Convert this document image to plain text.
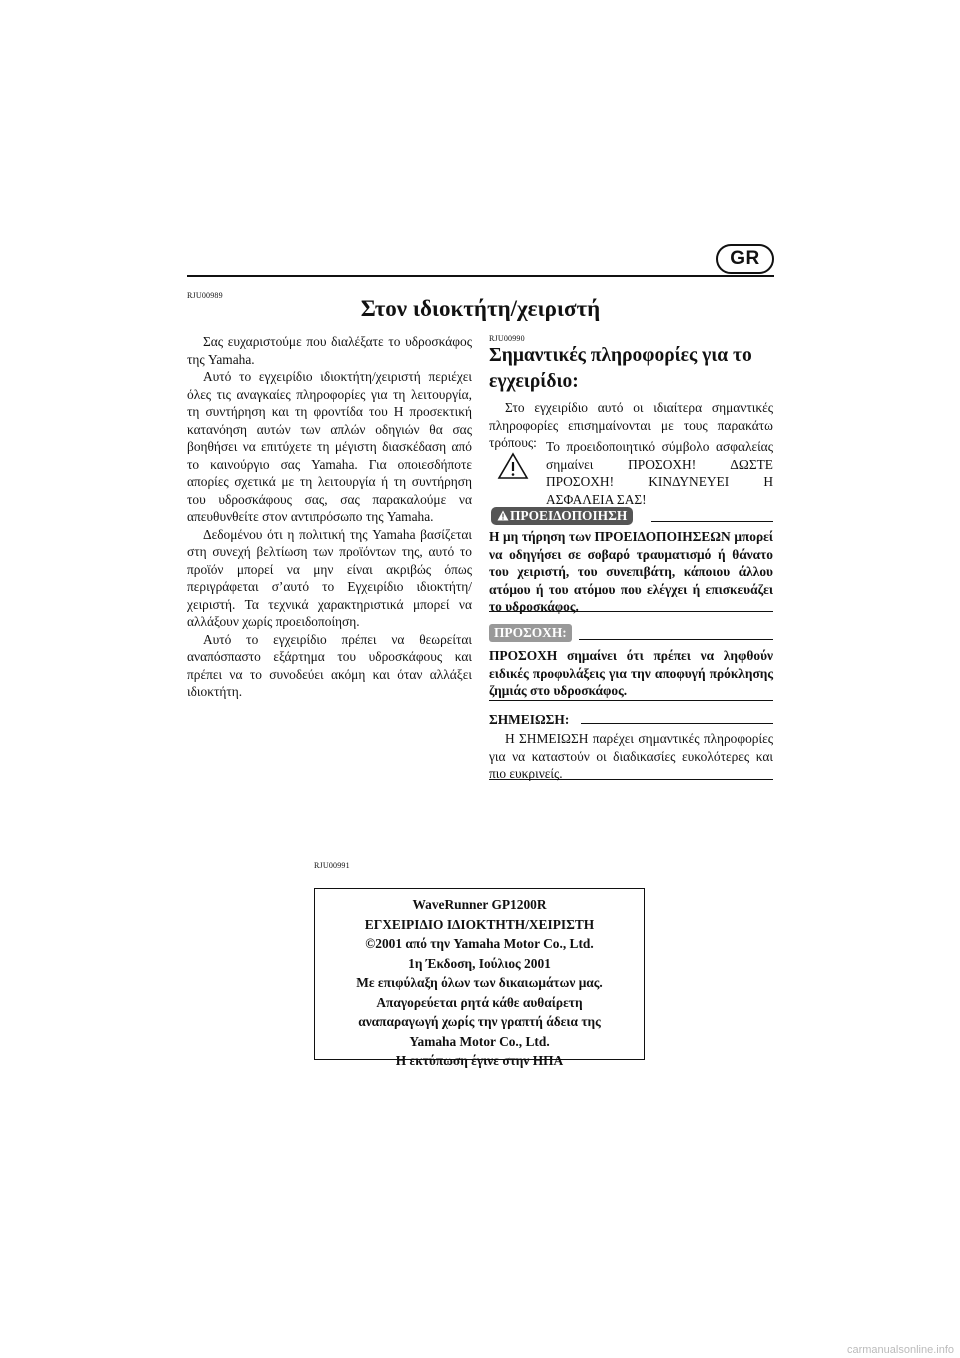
GR
RJU00989
Στον ιδιοκτήτη/χειριστή

Σας ευχαριστούμε που διαλέξατε το υδροσκάφος της Yamaha.

Αυτό το εγχειρίδιο ιδιοκτήτη/χειριστή περιέχει όλες τις αναγκαίες πληροφορίες για τη λειτουργία, τη συντήρηση και τη φροντίδα του Η προσεκτική κατανόηση αυτών των απλών οδηγιών θα σας βοηθήσει να επιτύχετε τη μέγιστη διασκέδαση από το καινούργιο σας Yamaha. Για οποιεσδήποτε απορίες σχετικά με τη λειτουργία ή τη συντήρηση του υδροσκάφους σας, σας παρακαλούμε να απευθυνθείτε στον αντιπρόσωπο της Yamaha.

Δεδομένου ότι η πολιτική της Yamaha βασίζεται στη συνεχή βελτίωση των προϊόντων της, αυτό το προϊόν μπορεί να μην είναι ακριβώς όπως περιγράφεται σ’αυτό το Εγχειρίδιο ιδιοκτήτη/χειριστή. Τα τεχνικά χαρακτηριστικά μπορεί να αλλάξουν χωρίς προειδοποίηση.

Αυτό το εγχειρίδιο πρέπει να θεωρείται αναπόσπαστο εξάρτημα του υδροσκάφους και πρέπει να το συνοδεύει ακόμη και όταν αλλάξει ιδιοκτήτη.

RJU00990
Σημαντικές πληροφορίες για το
εγχειρίδιο:

Στο εγχειρίδιο αυτό οι ιδιαίτερα σημαντικές πληροφορίες επισημαίνονται με τους παρακάτω τρόπους: Το προειδοποιητικό σύμβολο ασφαλείας σημαίνει ΠΡΟΣΟΧΗ! ΔΩΣΤΕ ΠΡΟΣΟΧΗ! ΚΙΝΔΥΝΕΥΕΙ Η ΑΣΦΑΛΕΙΑ ΣΑΣ!

ΠΡΟΕΙΔΟΠΟΙΗΣΗ
Η μη τήρηση των ΠΡΟΕΙΔΟΠΟΙΗΣΕΩΝ μπορεί να οδηγήσει σε σοβαρό τραυματισμό ή θάνατο του χειριστή, του συνεπιβάτη, κάποιου άλλου ατόμου ή του ατόμου που ελέγχει ή επισκευάζει το υδροσκάφος.
ΠΡΟΣΟΧΗ:
ΠΡΟΣΟΧΗ σημαίνει ότι πρέπει να ληφθούν ειδικές προφυλάξεις για την αποφυγή πρόκλησης ζημιάς στο υδροσκάφος.
ΣΗΜΕΙΩΣΗ:

Η ΣΗΜΕΙΩΣΗ παρέχει σημαντικές πληροφορίες για να καταστούν οι διαδικασίες ευκολότερες και πιο ευκρινείς.

RJU00991
WaveRunner GP1200R
ΕΓΧΕΙΡΙΔΙΟ ΙΔΙΟΚΤΗΤΗ/ΧΕΙΡΙΣΤΗ
©2001 από την Yamaha Motor Co., Ltd.
1η Έκδοση, Ιούλιος 2001
Με επιφύλαξη όλων των δικαιωμάτων μας.
Απαγορεύεται ρητά κάθε αυθαίρετη
αναπαραγωγή χωρίς την γραπτή άδεια της
Yamaha Motor Co., Ltd.
Η εκτύπωση έγινε στην ΗΠΑ
carmanualsonline.info
